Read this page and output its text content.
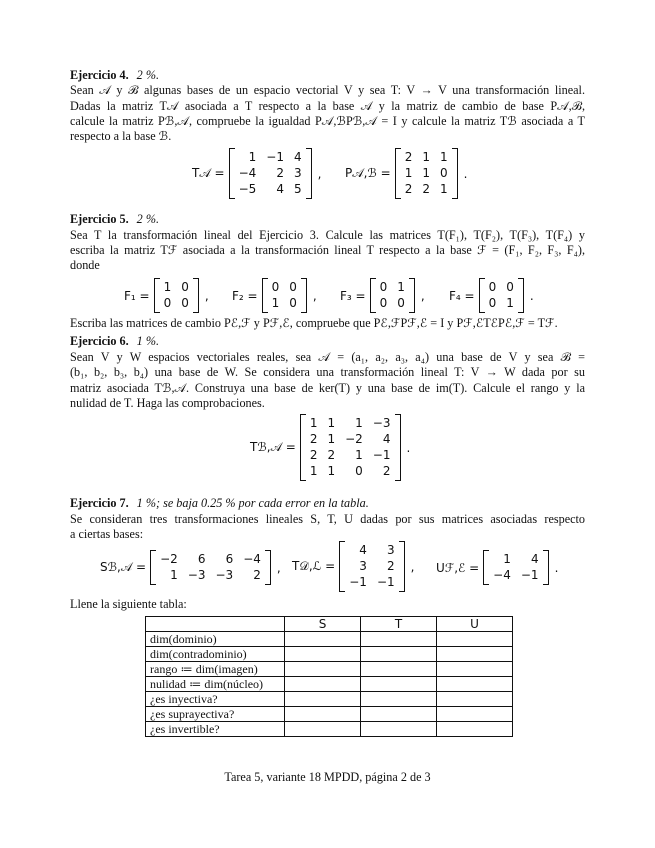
Ejercicio 4. 2 %.
Sean 𝒜 y ℬ algunas bases de un espacio vectorial V y sea T: V → V una transformación lineal.
Dadas la matriz T𝒜 asociada a T respecto a la base 𝒜 y la matriz de cambio de base P𝒜,ℬ,
calcule la matriz Pℬ,𝒜, compruebe la igualdad P𝒜,ℬPℬ,𝒜 = I y calcule la matriz Tℬ asociada a T
respecto a la base ℬ.
T𝒜 =
1 −1 4
−4	2 3
−5	4 5
, P𝒜,ℬ =
2 1 1
1 1 0
2 2 1
.
Ejercicio 5. 2 %.
Sea T la transformación lineal del Ejercicio 3. Calcule las matrices T(F₁), T(F₂), T(F₃), T(F₄) y
escriba la matriz Tℱ asociada a la transformación lineal T respecto a la base ℱ = (F₁, F₂, F₃, F₄),
donde
F₁ =
1 0
0 0
, F₂ =
0 0
1 0
, F₃ =
0 1
0 0
, F₄ =
0 0
0 1
.
Escriba las matrices de cambio Pℰ,ℱ y Pℱ,ℰ, compruebe que Pℰ,ℱPℱ,ℰ = I y Pℱ,ℰTℰPℰ,ℱ = Tℱ.
Ejercicio 6. 1 %.
Sean V y W espacios vectoriales reales, sea 𝒜 = (a₁, a₂, a₃, a₄) una base de V y sea ℬ =
(b₁, b₂, b₃, b₄) una base de W. Se considera una transformación lineal T: V → W dada por su
matriz asociada Tℬ,𝒜. Construya una base de ker(T) y una base de im(T). Calcule el rango y la
nulidad de T. Haga las comprobaciones.
Tℬ,𝒜 =
1 1	1 −3
2 1 −2	4
2 2	1 −1
1 1	0	2
.
Ejercicio 7. 1 %; se baja 0.25 % por cada error en la tabla.
Se consideran tres transformaciones lineales S, T, U dadas por sus matrices asociadas respecto
a ciertas bases:
Sℬ,𝒜 =
−2	6	6 −4
1 −3 −3	2
, T𝒟,ℒ =
4	3
3	2
−1 −1
, Uℱ,ℰ =
1	4
−4 −1
.
Llene la siguiente tabla:
	S	T	U
dim(dominio)			
dim(contradominio)			
rango ≔ dim(imagen)			
nulidad ≔ dim(núcleo)			
¿es inyectiva?			
¿es suprayectiva?			
¿es invertible?			
Tarea 5, variante 18 MPDD, página 2 de 3
